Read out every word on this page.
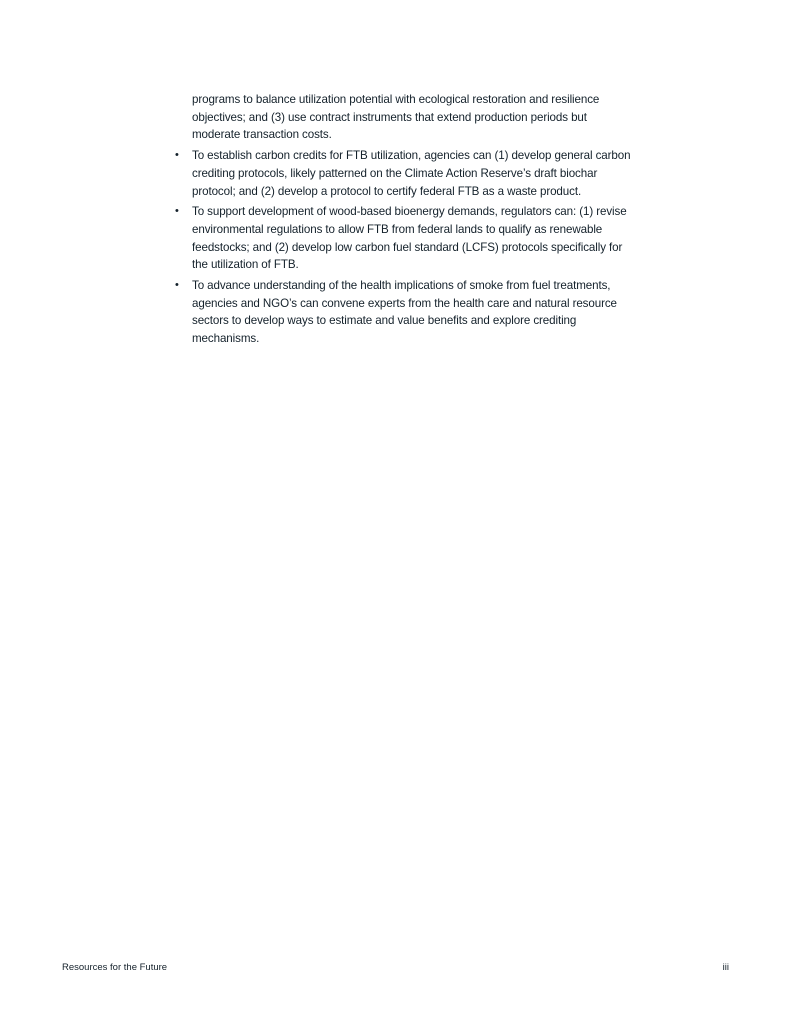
programs to balance utilization potential with ecological restoration and resilience objectives; and (3) use contract instruments that extend production periods but moderate transaction costs.

•	To establish carbon credits for FTB utilization, agencies can (1) develop general carbon crediting protocols, likely patterned on the Climate Action Reserve’s draft biochar protocol; and (2) develop a protocol to certify federal FTB as a waste product.
•	To support development of wood-based bioenergy demands, regulators can: (1) revise environmental regulations to allow FTB from federal lands to qualify as renewable feedstocks; and (2) develop low carbon fuel standard (LCFS) protocols specifically for the utilization of FTB.
•	To advance understanding of the health implications of smoke from fuel treatments, agencies and NGO’s can convene experts from the health care and natural resource sectors to develop ways to estimate and value benefits and explore crediting mechanisms.
Resources for the Future	iii
